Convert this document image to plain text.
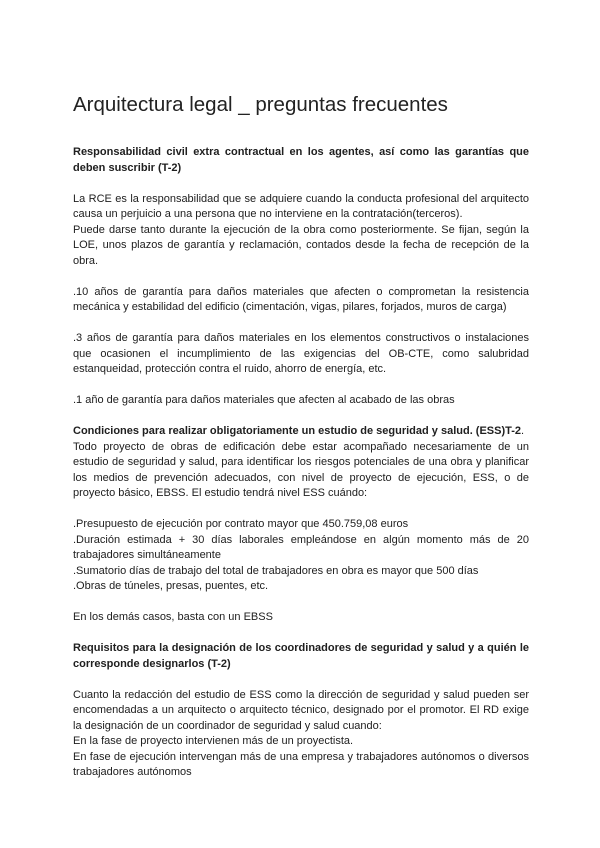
Arquitectura legal _ preguntas frecuentes

Responsabilidad civil extra contractual en los agentes, así como las garantías que deben suscribir (T-2)

La RCE es la responsabilidad que se adquiere cuando la conducta profesional del arquitecto causa un perjuicio a una persona que no interviene en la contratación(terceros).

Puede darse tanto durante la ejecución de la obra como posteriormente. Se fijan, según la LOE, unos plazos de garantía y reclamación, contados desde la fecha de recepción de la obra.

.10 años de garantía para daños materiales que afecten o comprometan la resistencia mecánica y estabilidad del edificio (cimentación, vigas, pilares, forjados, muros de carga)

.3 años de garantía para daños materiales en los elementos constructivos o instalaciones que ocasionen el incumplimiento de las exigencias del OB-CTE, como salubridad estanqueidad, protección contra el ruido, ahorro de energía, etc.

.1 año de garantía para daños materiales que afecten al acabado de las obras

Condiciones para realizar obligatoriamente un estudio de seguridad y salud. (ESS)T-2.

Todo proyecto de obras de edificación debe estar acompañado necesariamente de un estudio de seguridad y salud, para identificar los riesgos potenciales de una obra y planificar los medios de prevención adecuados, con nivel de proyecto de ejecución, ESS, o de proyecto básico, EBSS. El estudio tendrá nivel ESS cuándo:

.Presupuesto de ejecución por contrato mayor que 450.759,08 euros

.Duración estimada + 30 días laborales empleándose en algún momento más de 20 trabajadores simultáneamente

.Sumatorio días de trabajo del total de trabajadores en obra es mayor que 500 días

.Obras de túneles, presas, puentes, etc.

En los demás casos, basta con un EBSS

Requisitos para la designación de los coordinadores de seguridad y salud y a quién le corresponde designarlos (T-2)

Cuanto la redacción del estudio de ESS como la dirección de seguridad y salud pueden ser encomendadas a un arquitecto o arquitecto técnico, designado por el promotor. El RD exige la designación de un coordinador de seguridad y salud cuando:

En la fase de proyecto intervienen más de un proyectista.

En fase de ejecución intervengan más de una empresa y trabajadores autónomos o diversos trabajadores autónomos
